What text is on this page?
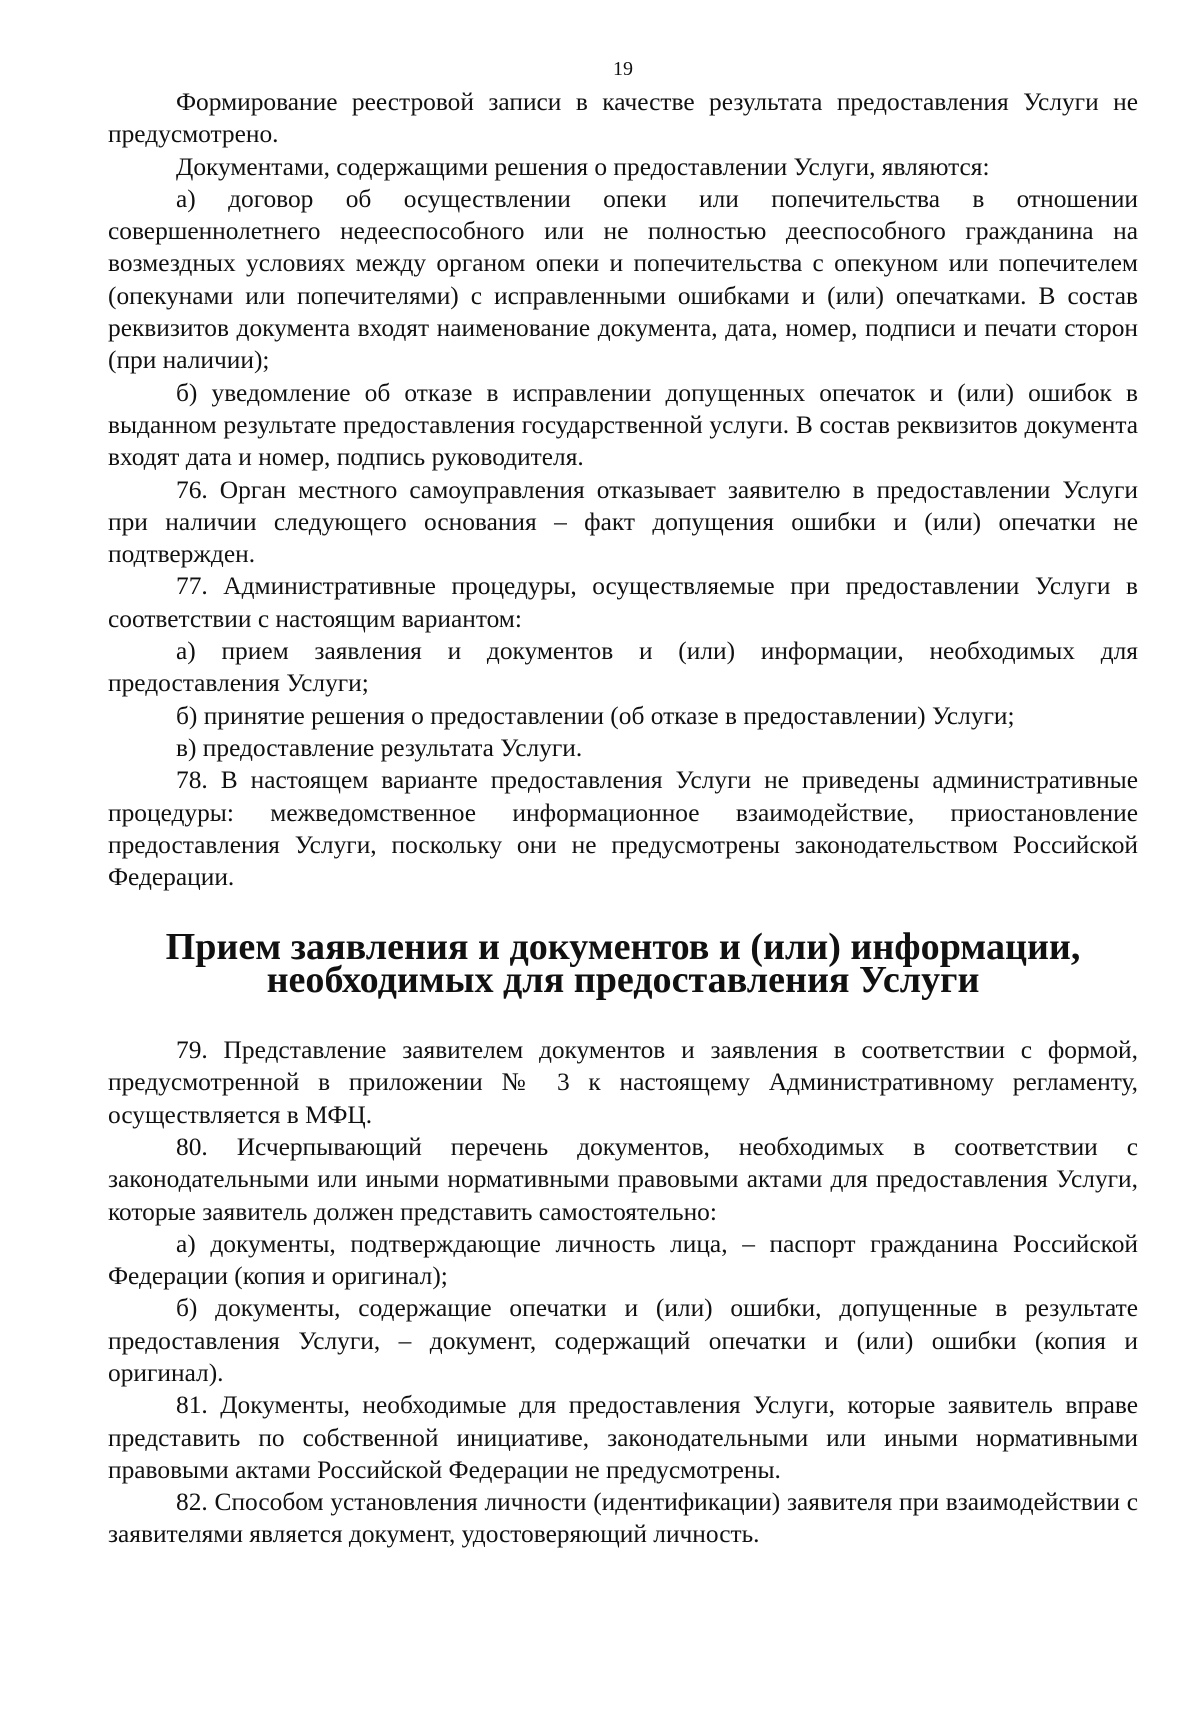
19

Формирование реестровой записи в качестве результата предоставления Услуги не предусмотрено.

Документами, содержащими решения о предоставлении Услуги, являются:

а) договор об осуществлении опеки или попечительства в отношении совершеннолетнего недееспособного или не полностью дееспособного гражданина на возмездных условиях между органом опеки и попечительства с опекуном или попечителем (опекунами или попечителями) с исправленными ошибками и (или) опечатками. В состав реквизитов документа входят наименование документа, дата, номер, подписи и печати сторон (при наличии);

б) уведомление об отказе в исправлении допущенных опечаток и (или) ошибок в выданном результате предоставления государственной услуги. В состав реквизитов документа входят дата и номер, подпись руководителя.

76. Орган местного самоуправления отказывает заявителю в предоставлении Услуги при наличии следующего основания – факт допущения ошибки и (или) опечатки не подтвержден.

77. Административные процедуры, осуществляемые при предоставлении Услуги в соответствии с настоящим вариантом:

а) прием заявления и документов и (или) информации, необходимых для предоставления Услуги;

б) принятие решения о предоставлении (об отказе в предоставлении) Услуги;

в) предоставление результата Услуги.

78. В настоящем варианте предоставления Услуги не приведены административные процедуры: межведомственное информационное взаимодействие, приостановление предоставления Услуги, поскольку они не предусмотрены законодательством Российской Федерации.

Прием заявления и документов и (или) информации, необходимых для предоставления Услуги

79. Представление заявителем документов и заявления в соответствии с формой, предусмотренной в приложении № 3 к настоящему Административному регламенту, осуществляется в МФЦ.

80. Исчерпывающий перечень документов, необходимых в соответствии с законодательными или иными нормативными правовыми актами для предоставления Услуги, которые заявитель должен представить самостоятельно:

а) документы, подтверждающие личность лица, – паспорт гражданина Российской Федерации (копия и оригинал);

б) документы, содержащие опечатки и (или) ошибки, допущенные в результате предоставления Услуги, – документ, содержащий опечатки и (или) ошибки (копия и оригинал).

81. Документы, необходимые для предоставления Услуги, которые заявитель вправе представить по собственной инициативе, законодательными или иными нормативными правовыми актами Российской Федерации не предусмотрены.

82. Способом установления личности (идентификации) заявителя при взаимодействии с заявителями является документ, удостоверяющий личность.
